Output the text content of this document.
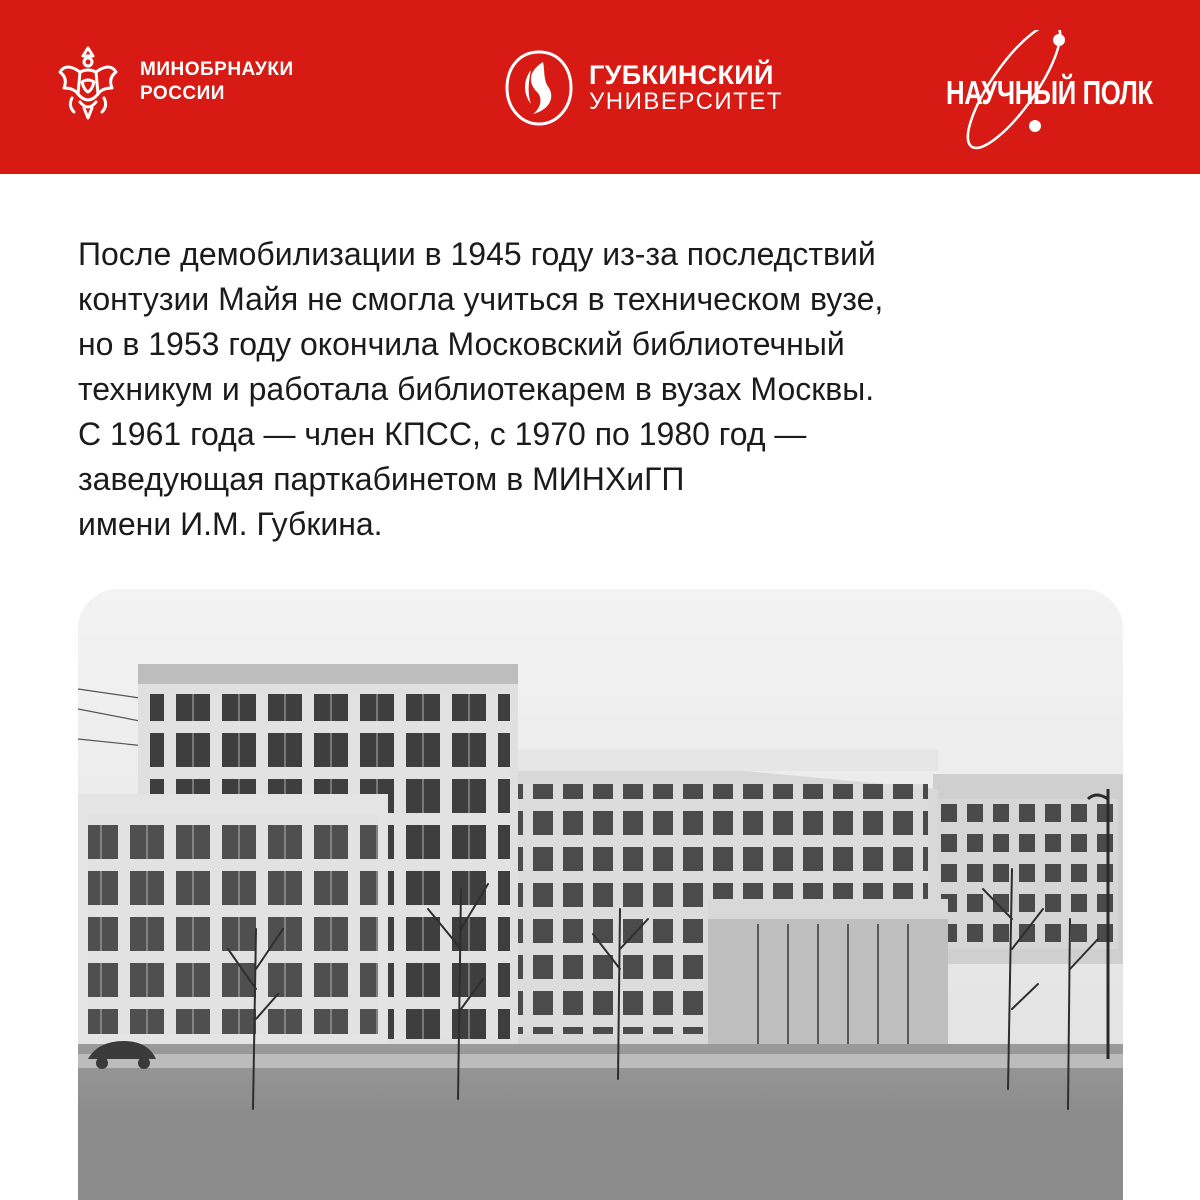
МИНОБРНАУКИ
РОССИИ
ГУБКИНСКИЙ
УНИВЕРСИТЕТ	НАУЧНЫЙ ПОЛК
После демобилизации в 1945 году из-за последствий
контузии Майя не смогла учиться в техническом вузе,
но в 1953 году окончила Московский библиотечный
техникум и работала библиотекарем в вузах Москвы.
С 1961 года — член КПСС, с 1970 по 1980 год —
заведующая парткабинетом в МИНХиГП
имени И.М. Губкина.
